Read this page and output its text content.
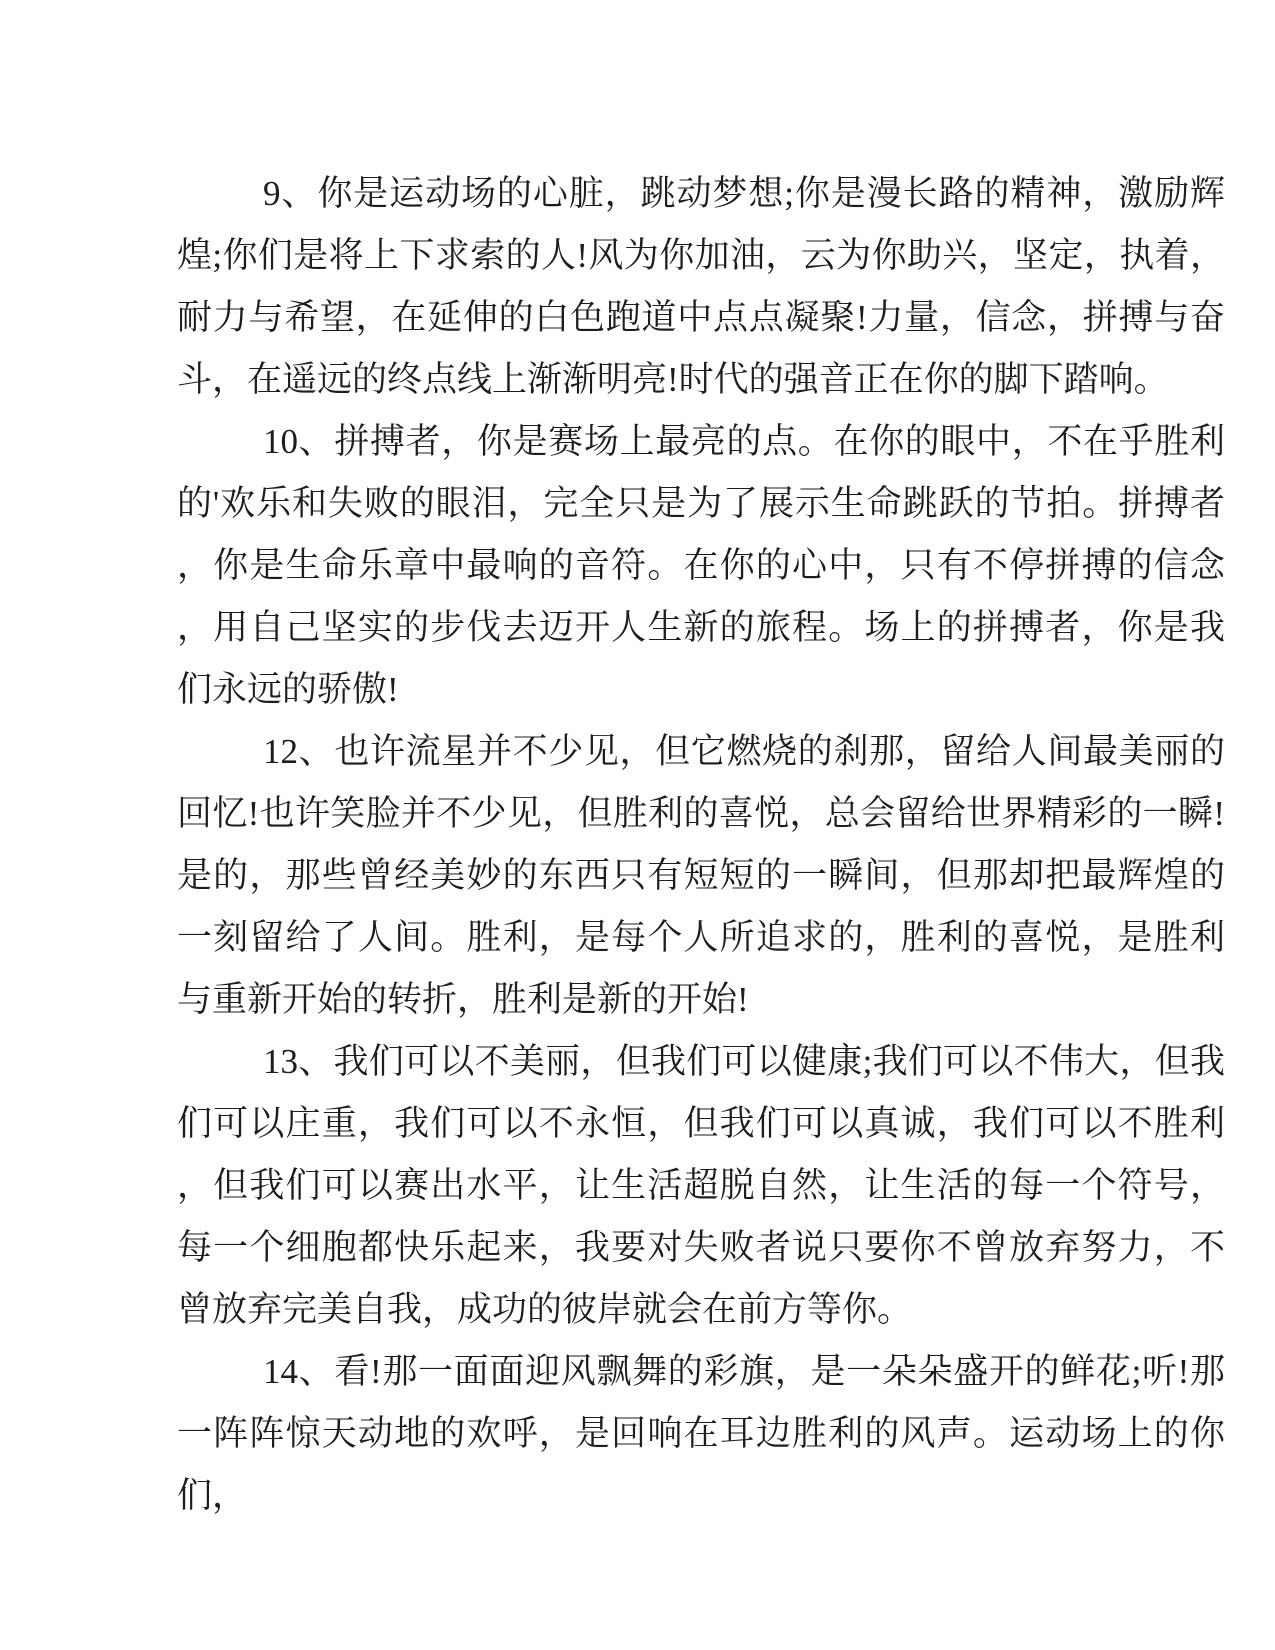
9、你是运动场的心脏，跳动梦想;你是漫长路的精神，激励辉煌;你们是将上下求索的人!风为你加油，云为你助兴，坚定，执着，耐力与希望，在延伸的白色跑道中点点凝聚!力量，信念，拼搏与奋斗，在遥远的终点线上渐渐明亮!时代的强音正在你的脚下踏响。

10、拼搏者，你是赛场上最亮的点。在你的眼中，不在乎胜利的'欢乐和失败的眼泪，完全只是为了展示生命跳跃的节拍。拼搏者，你是生命乐章中最响的音符。在你的心中，只有不停拼搏的信念，用自己坚实的步伐去迈开人生新的旅程。场上的拼搏者，你是我们永远的骄傲!

12、也许流星并不少见，但它燃烧的刹那，留给人间最美丽的回忆!也许笑脸并不少见，但胜利的喜悦，总会留给世界精彩的一瞬!是的，那些曾经美妙的东西只有短短的一瞬间，但那却把最辉煌的一刻留给了人间。胜利，是每个人所追求的，胜利的喜悦，是胜利与重新开始的转折，胜利是新的开始!

13、我们可以不美丽，但我们可以健康;我们可以不伟大，但我们可以庄重，我们可以不永恒，但我们可以真诚，我们可以不胜利，但我们可以赛出水平，让生活超脱自然，让生活的每一个符号，每一个细胞都快乐起来，我要对失败者说只要你不曾放弃努力，不曾放弃完美自我，成功的彼岸就会在前方等你。

14、看!那一面面迎风飘舞的彩旗，是一朵朵盛开的鲜花;听!那一阵阵惊天动地的欢呼，是回响在耳边胜利的风声。运动场上的你们，
